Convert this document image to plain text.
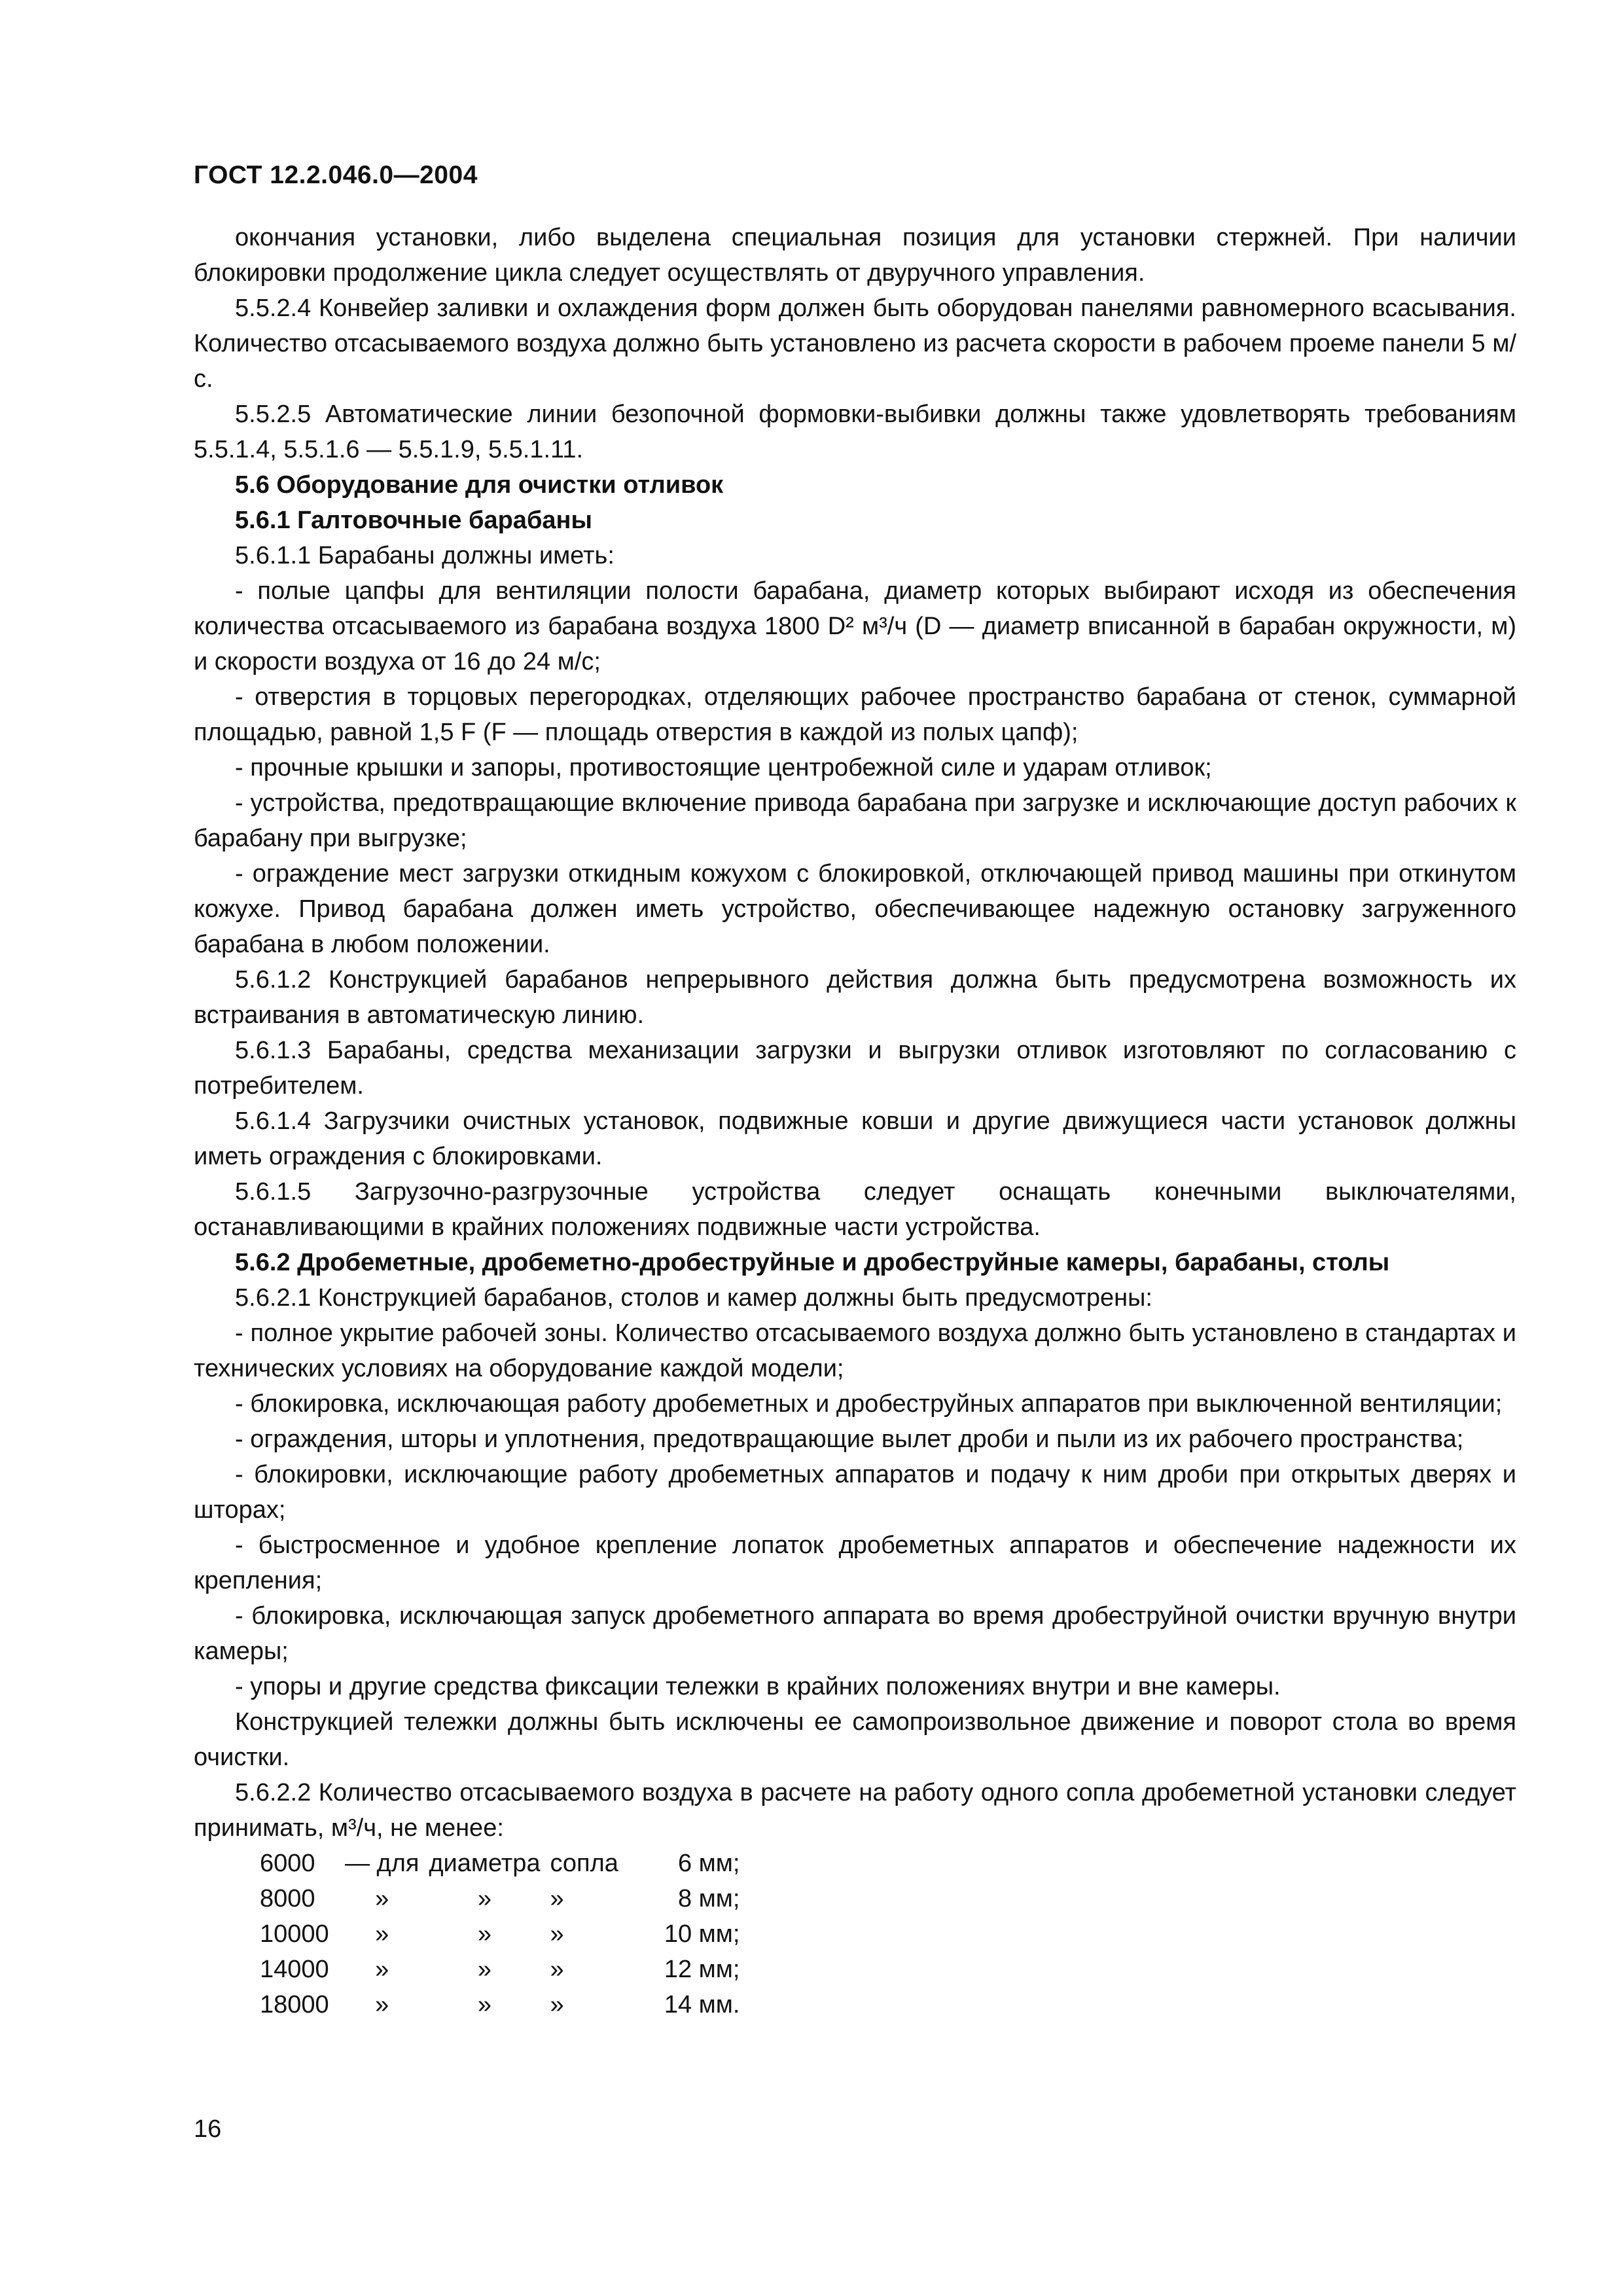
ГОСТ 12.2.046.0—2004

окончания установки, либо выделена специальная позиция для установки стержней. При наличии блокировки продолжение цикла следует осуществлять от двуручного управления.

5.5.2.4 Конвейер заливки и охлаждения форм должен быть оборудован панелями равномерного всасывания. Количество отсасываемого воздуха должно быть установлено из расчета скорости в рабочем проеме панели 5 м/с.

5.5.2.5 Автоматические линии безопочной формовки-выбивки должны также удовлетворять требованиям 5.5.1.4, 5.5.1.6 — 5.5.1.9, 5.5.1.11.

5.6 Оборудование для очистки отливок

5.6.1 Галтовочные барабаны

5.6.1.1 Барабаны должны иметь:

- полые цапфы для вентиляции полости барабана, диаметр которых выбирают исходя из обеспечения количества отсасываемого из барабана воздуха 1800 D² м³/ч (D — диаметр вписанной в барабан окружности, м) и скорости воздуха от 16 до 24 м/с;

- отверстия в торцовых перегородках, отделяющих рабочее пространство барабана от стенок, суммарной площадью, равной 1,5 F (F — площадь отверстия в каждой из полых цапф);

- прочные крышки и запоры, противостоящие центробежной силе и ударам отливок;

- устройства, предотвращающие включение привода барабана при загрузке и исключающие доступ рабочих к барабану при выгрузке;

- ограждение мест загрузки откидным кожухом с блокировкой, отключающей привод машины при откинутом кожухе. Привод барабана должен иметь устройство, обеспечивающее надежную остановку загруженного барабана в любом положении.

5.6.1.2 Конструкцией барабанов непрерывного действия должна быть предусмотрена возможность их встраивания в автоматическую линию.

5.6.1.3 Барабаны, средства механизации загрузки и выгрузки отливок изготовляют по согласованию с потребителем.

5.6.1.4 Загрузчики очистных установок, подвижные ковши и другие движущиеся части установок должны иметь ограждения с блокировками.

5.6.1.5 Загрузочно-разгрузочные устройства следует оснащать конечными выключателями, останавливающими в крайних положениях подвижные части устройства.

5.6.2 Дробеметные, дробеметно-дробеструйные и дробеструйные камеры, барабаны, столы

5.6.2.1 Конструкцией барабанов, столов и камер должны быть предусмотрены:

- полное укрытие рабочей зоны. Количество отсасываемого воздуха должно быть установлено в стандартах и технических условиях на оборудование каждой модели;

- блокировка, исключающая работу дробеметных и дробеструйных аппаратов при выключенной вентиляции;

- ограждения, шторы и уплотнения, предотвращающие вылет дроби и пыли из их рабочего пространства;

- блокировки, исключающие работу дробеметных аппаратов и подачу к ним дроби при открытых дверях и шторах;

- быстросменное и удобное крепление лопаток дробеметных аппаратов и обеспечение надежности их крепления;

- блокировка, исключающая запуск дробеметного аппарата во время дробеструйной очистки вручную внутри камеры;

- упоры и другие средства фиксации тележки в крайних положениях внутри и вне камеры.

Конструкцией тележки должны быть исключены ее самопроизвольное движение и поворот стола во время очистки.

5.6.2.2 Количество отсасываемого воздуха в расчете на работу одного сопла дробеметной установки следует принимать, м³/ч, не менее:

6000	— для	диаметра	сопла	6 мм;
8000	»	»	»	8 мм;
10000	»	»	»	10 мм;
14000	»	»	»	12 мм;
18000	»	»	»	14 мм.
16
